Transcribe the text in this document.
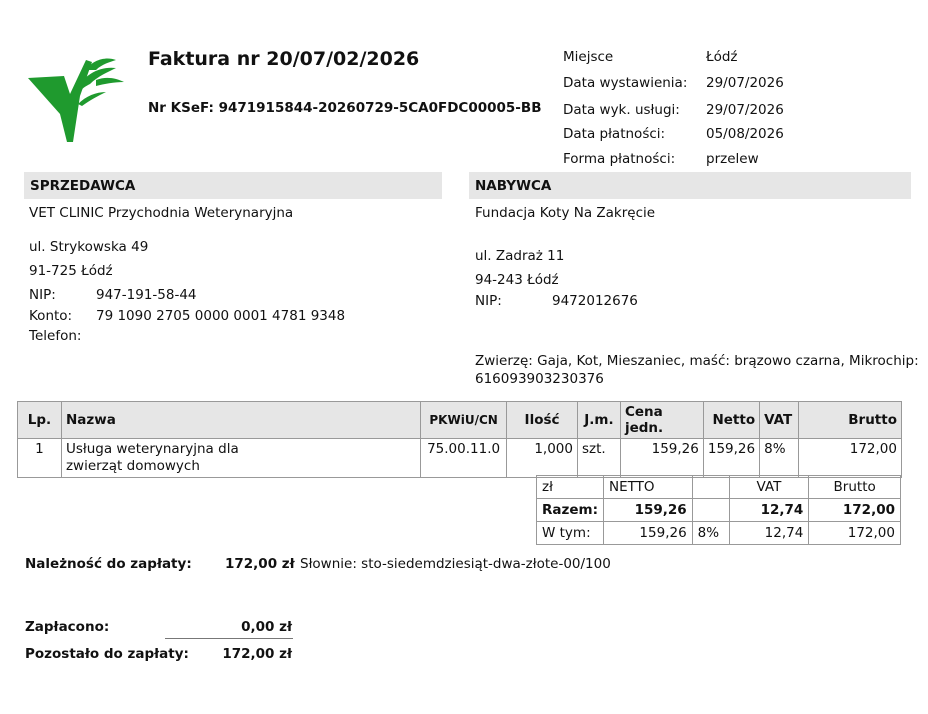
Faktura nr 20/07/02/2026
Nr KSeF: 9471915844-20260729-5CA0FDC00005-BB
Miejsce	Łódź
Data wystawienia: 29/07/2026
Data wyk. usługi: 29/07/2026
Data płatności:	05/08/2026
Forma płatności: przelew
SPRZEDAWCA	NABYWCA
VET CLINIC Przychodnia Weterynaryjna
ul. Strykowska 49
91-725 Łódź
NIP:	947-191-58-44
Konto: 79 1090 2705 0000 0001 4781 9348
Telefon:
Fundacja Koty Na Zakręcie
ul. Zadraż 11
94-243 Łódź
NIP:	9472012676
Zwierzę: Gaja, Kot, Mieszaniec, maść: brązowo czarna, Mikrochip:
616093903230376
Lp.	Nazwa	PKWiU/CN	Ilość	J.m.	Cena jedn.	Netto	VAT	Brutto
1	Usługa weterynaryjna dla
zwierząt domowych	75.00.11.0	1,000	szt.	159,26	159,26	8%	172,00
zł	NETTO		VAT	Brutto
Razem:	159,26		12,74	172,00
W tym:	159,26	8%	12,74	172,00
Należność do zapłaty: 172,00 zł Słownie: sto-siedemdziesiąt-dwa-złote-00/100
Zapłacono:	0,00 zł
Pozostało do zapłaty:	172,00 zł
